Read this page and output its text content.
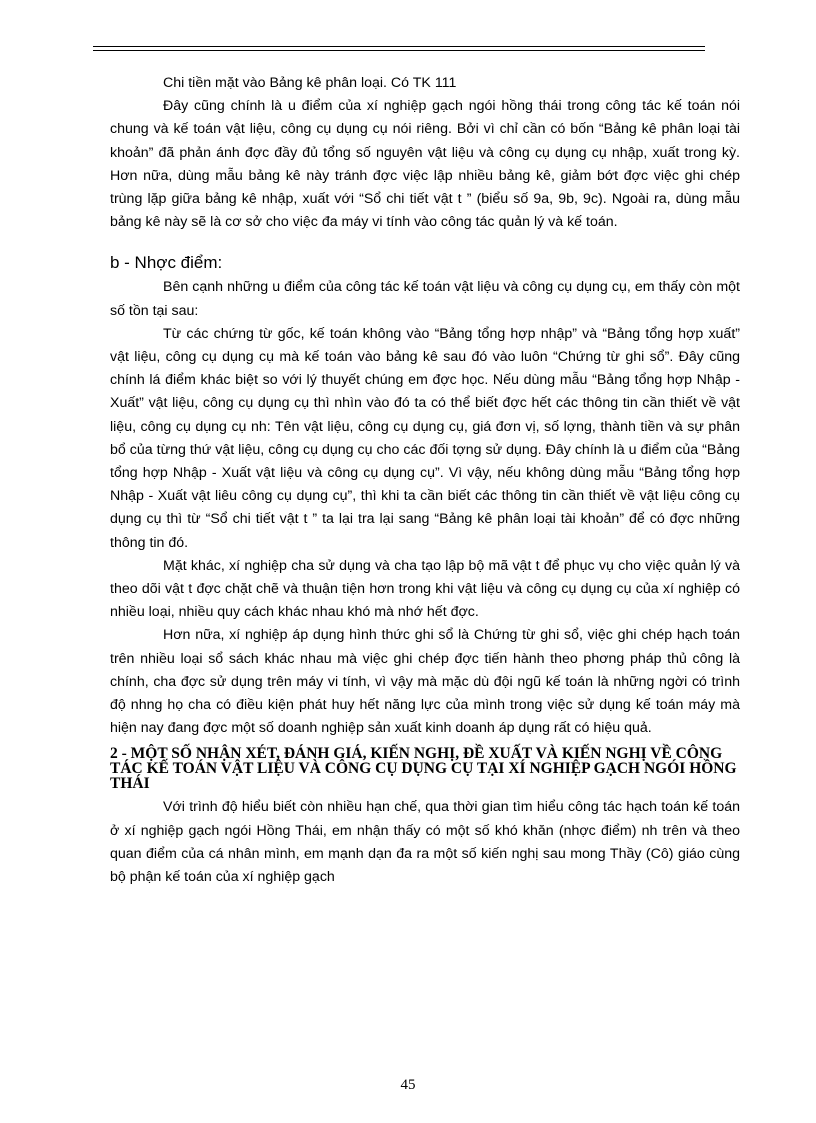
Chi tiền mặt vào Bảng kê phân loại. Có TK 111

Đây cũng chính là u điểm của xí nghiệp gạch ngói hồng thái trong công tác kế toán nói chung và kế toán vật liệu, công cụ dụng cụ nói riêng. Bởi vì chỉ cần có bốn “Bảng kê phân loại tài khoản” đã phản ánh đợc đầy đủ tổng số nguyên vật liệu và công cụ dụng cụ nhập, xuất trong kỳ. Hơn nữa, dùng mẫu bảng kê này tránh đợc việc lập nhiều bảng kê, giảm bớt đợc việc ghi chép trùng lặp giữa bảng kê nhập, xuất với “Sổ chi tiết vật t ” (biểu số 9a, 9b, 9c). Ngoài ra, dùng mẫu bảng kê này sẽ là cơ sở cho việc đa máy vi tính vào công tác quản lý và kế toán.

b - Nhợc điểm:

Bên cạnh những u điểm của công tác kế toán vật liệu và công cụ dụng cụ, em thấy còn một số tồn tại sau:

Từ các chứng từ gốc, kế toán không vào “Bảng tổng hợp nhập” và “Bảng tổng hợp xuất” vật liệu, công cụ dụng cụ mà kế toán vào bảng kê sau đó vào luôn “Chứng từ ghi sổ”. Đây cũng chính lá điểm khác biệt so với lý thuyết chúng em đợc học. Nếu dùng mẫu “Bảng tổng hợp Nhập - Xuất” vật liệu, công cụ dụng cụ thì nhìn vào đó ta có thể biết đợc hết các thông tin cần thiết về vật liệu, công cụ dụng cụ nh: Tên vật liệu, công cụ dụng cụ, giá đơn vị, số lợng, thành tiền và sự phân bổ của từng thứ vật liệu, công cụ dụng cụ cho các đối tợng sử dụng. Đây chính là u điểm của “Bảng tổng hợp Nhập - Xuất vật liệu và công cụ dụng cụ”. Vì vậy, nếu không dùng mẫu “Bảng tổng hợp Nhập - Xuất vật liêu công cụ dụng cụ”, thì khi ta cần biết các thông tin cần thiết về vật liệu công cụ dụng cụ thì từ “Sổ chi tiết vật t ” ta lại tra lại sang “Bảng kê phân loại tài khoản” để có đợc những thông tin đó.

Mặt khác, xí nghiệp cha sử dụng và cha tạo lập bộ mã vật t để phục vụ cho việc quản lý và theo dõi vật t đợc chặt chẽ và thuận tiện hơn trong khi vật liệu và công cụ dụng cụ của xí nghiệp có nhiều loại, nhiều quy cách khác nhau khó mà nhớ hết đợc.

Hơn nữa, xí nghiệp áp dụng hình thức ghi sổ là Chứng từ ghi sổ, việc ghi chép hạch toán trên nhiều loại sổ sách khác nhau mà việc ghi chép đợc tiến hành theo phơng pháp thủ công là chính, cha đợc sử dụng trên máy vi tính, vì vậy mà mặc dù đội ngũ kế toán là những ngời có trình độ nhng họ cha có điều kiện phát huy hết năng lực của mình trong việc sử dụng kế toán máy mà hiện nay đang đợc một số doanh nghiệp sản xuất kinh doanh áp dụng rất có hiệu quả.

2 - MỘT SỐ NHẬN XÉT, ĐÁNH GIÁ, KIẾN NGHỊ, ĐỀ XUẤT VÀ KIẾN NGHỊ VỀ CÔNG TÁC KẾ TOÁN VẬT LIỆU VÀ CÔNG CỤ DỤNG CỤ TẠI XÍ NGHIỆP GẠCH NGÓI HỒNG THÁI

Với trình độ hiểu biết còn nhiều hạn chế, qua thời gian tìm hiểu công tác hạch toán kế toán ở xí nghiệp gạch ngói Hồng Thái, em nhận thấy có một số khó khăn (nhợc điểm) nh trên và theo quan điểm của cá nhân mình, em mạnh dạn đa ra một số kiến nghị sau mong Thầy (Cô) giáo cùng bộ phận kế toán của xí nghiệp gạch

45
